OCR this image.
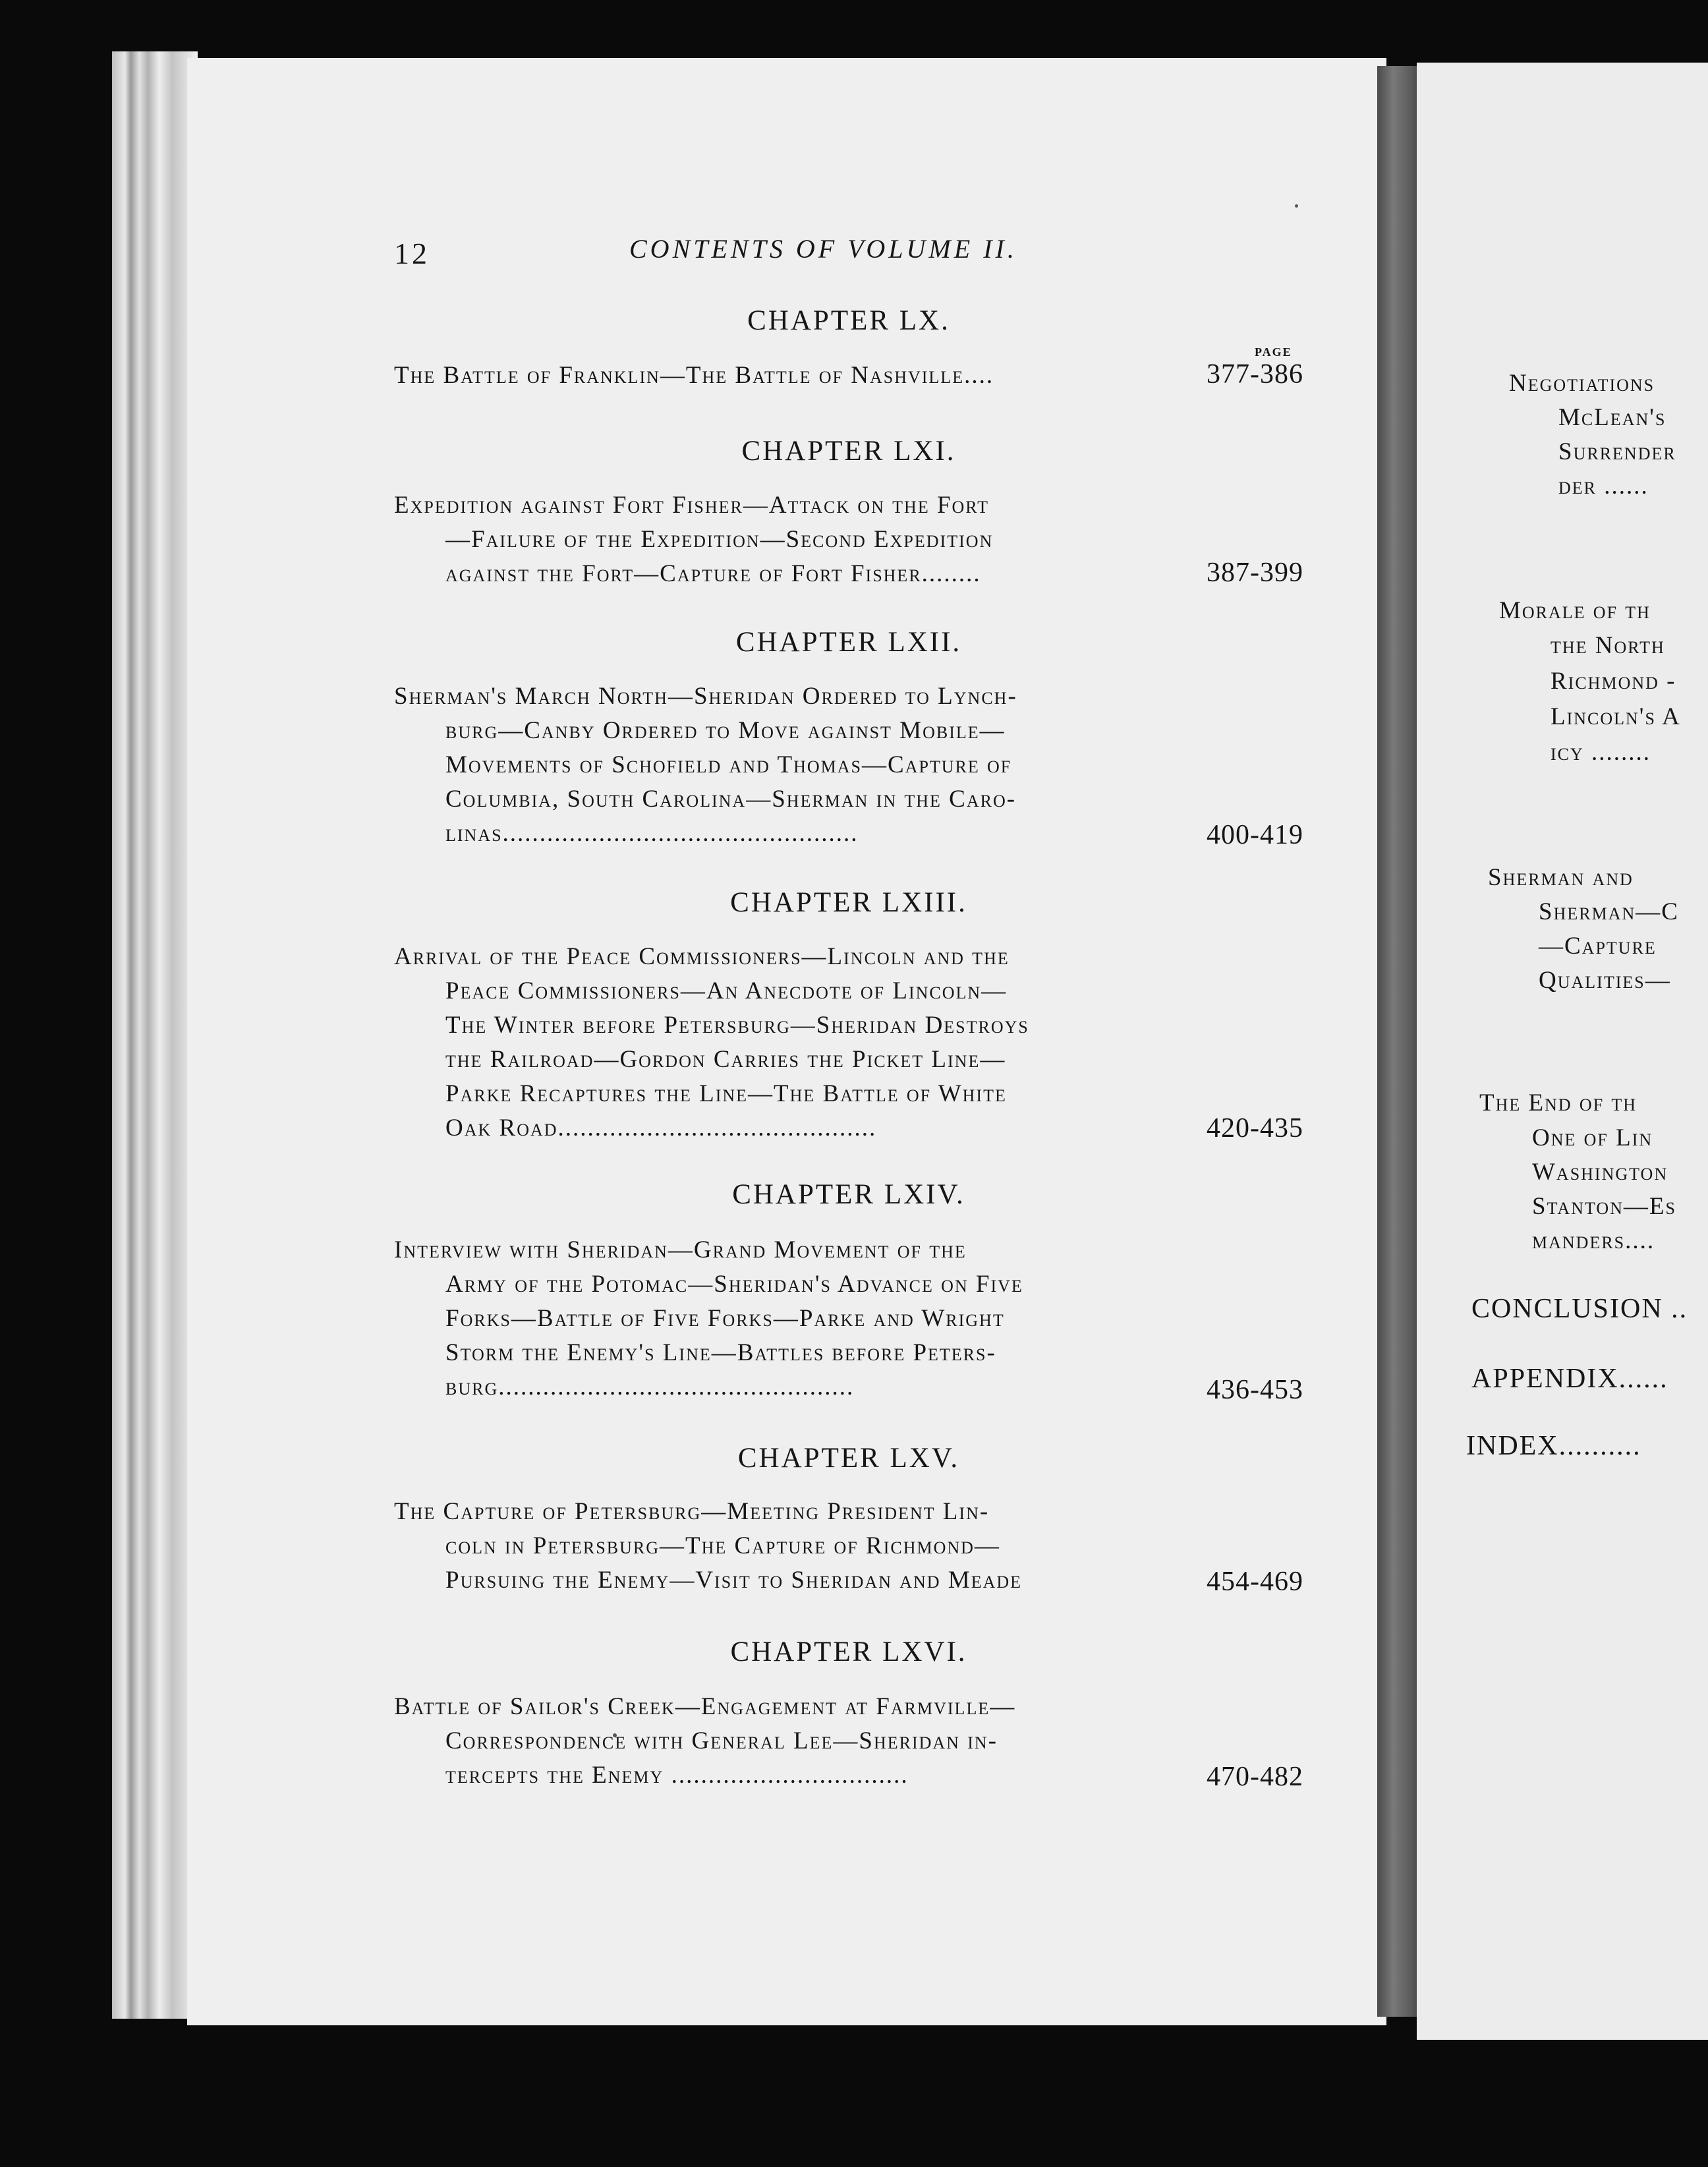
12	CONTENTS OF VOLUME II.
PAGE
CHAPTER LX.
The Battle of Franklin—The Battle of Nashville....	377-386
CHAPTER LXI.
Expedition against Fort Fisher—Attack on the Fort
—Failure of the Expedition—Second Expedition
against the Fort—Capture of Fort Fisher........	387-399
CHAPTER LXII.
Sherman's March North—Sheridan Ordered to Lynch-
burg—Canby Ordered to Move against Mobile—
Movements of Schofield and Thomas—Capture of
Columbia, South Carolina—Sherman in the Caro-
linas................................................	400-419
CHAPTER LXIII.
Arrival of the Peace Commissioners—Lincoln and the
Peace Commissioners—An Anecdote of Lincoln—
The Winter before Petersburg—Sheridan Destroys
the Railroad—Gordon Carries the Picket Line—
Parke Recaptures the Line—The Battle of White
Oak Road...........................................	420-435
CHAPTER LXIV.
Interview with Sheridan—Grand Movement of the
Army of the Potomac—Sheridan's Advance on Five
Forks—Battle of Five Forks—Parke and Wright
Storm the Enemy's Line—Battles before Peters-
burg................................................	436-453
CHAPTER LXV.
The Capture of Petersburg—Meeting President Lin-
coln in Petersburg—The Capture of Richmond—
Pursuing the Enemy—Visit to Sheridan and Meade	454-469
CHAPTER LXVI.
Battle of Sailor's Creek—Engagement at Farmville—
Correspondence with General Lee—Sheridan in-
tercepts the Enemy ................................	470-482
Negotiations
McLean's
Surrender
der ......
Morale of th
the North
Richmond -
Lincoln's A
icy ........
Sherman and
Sherman—C
—Capture
Qualities—
The End of th
One of Lin
Washington
Stanton—Es
manders....
CONCLUSION ..
APPENDIX......
INDEX..........
